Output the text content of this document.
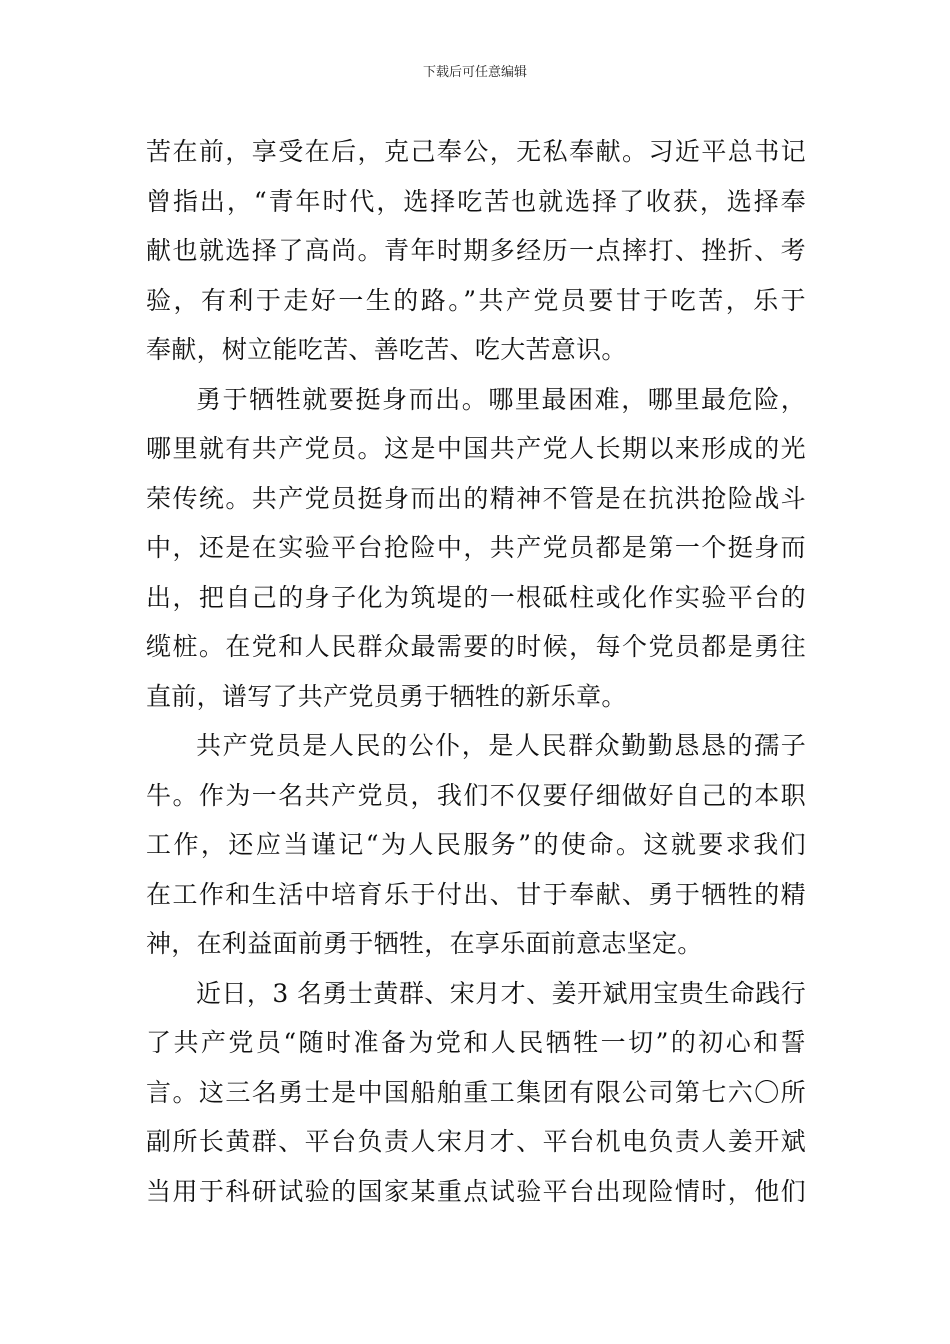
下载后可任意编辑
苦在前，享受在后，克己奉公，无私奉献。习近平总书记
曾指出，“青年时代，选择吃苦也就选择了收获，选择奉
献也就选择了高尚。青年时期多经历一点摔打、挫折、考
验，有利于走好一生的路。”共产党员要甘于吃苦，乐于
奉献，树立能吃苦、善吃苦、吃大苦意识。
勇于牺牲就要挺身而出。哪里最困难，哪里最危险，
哪里就有共产党员。这是中国共产党人长期以来形成的光
荣传统。共产党员挺身而出的精神不管是在抗洪抢险战斗
中，还是在实验平台抢险中，共产党员都是第一个挺身而
出，把自己的身子化为筑堤的一根砥柱或化作实验平台的
缆桩。在党和人民群众最需要的时候，每个党员都是勇往
直前，谱写了共产党员勇于牺牲的新乐章。
共产党员是人民的公仆，是人民群众勤勤恳恳的孺子
牛。作为一名共产党员，我们不仅要仔细做好自己的本职
工作，还应当谨记“为人民服务”的使命。这就要求我们
在工作和生活中培育乐于付出、甘于奉献、勇于牺牲的精
神，在利益面前勇于牺牲，在享乐面前意志坚定。
近日，3 名勇士黄群、宋月才、姜开斌用宝贵生命践行
了共产党员“随时准备为党和人民牺牲一切”的初心和誓
言。这三名勇士是中国船舶重工集团有限公司第七六〇所
副所长黄群、平台负责人宋月才、平台机电负责人姜开斌
当用于科研试验的国家某重点试验平台出现险情时，他们
